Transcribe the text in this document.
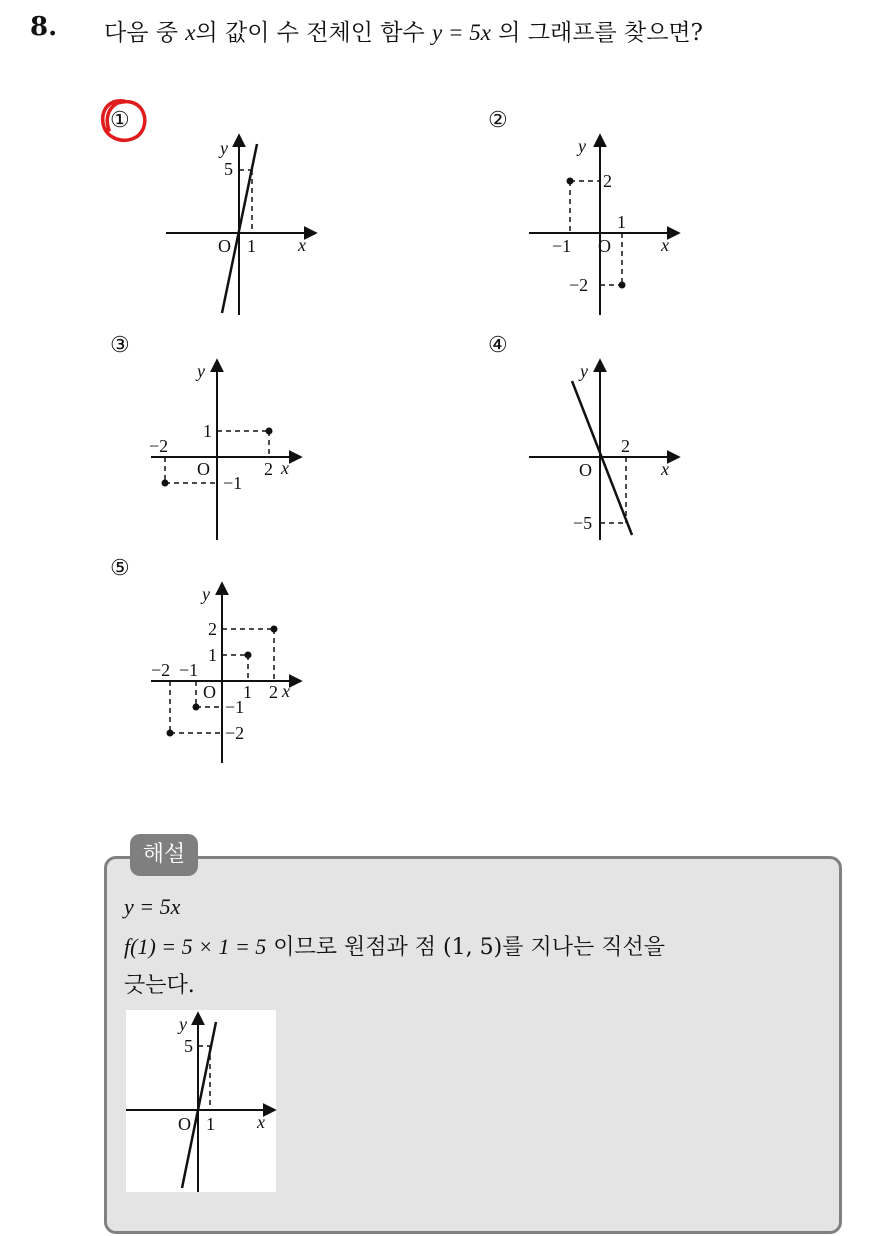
8. 다음 중 x의 값이 수 전체인 함수 y = 5x 의 그래프를 찾으면?
①	②
③	④
⑤
y
5
O 1 x
y
2
1
−1 O	x
−2
y
1
−2
O	2 x
−1
y
2
O	x
−5
y
2
1
−2 −1
O 1 2 x
−1
−2
해설
y = 5x
f(1) = 5 × 1 = 5 이므로 원점과 점 (1, 5)를 지나는 직선을
긋는다.
y
5
O 1 x
